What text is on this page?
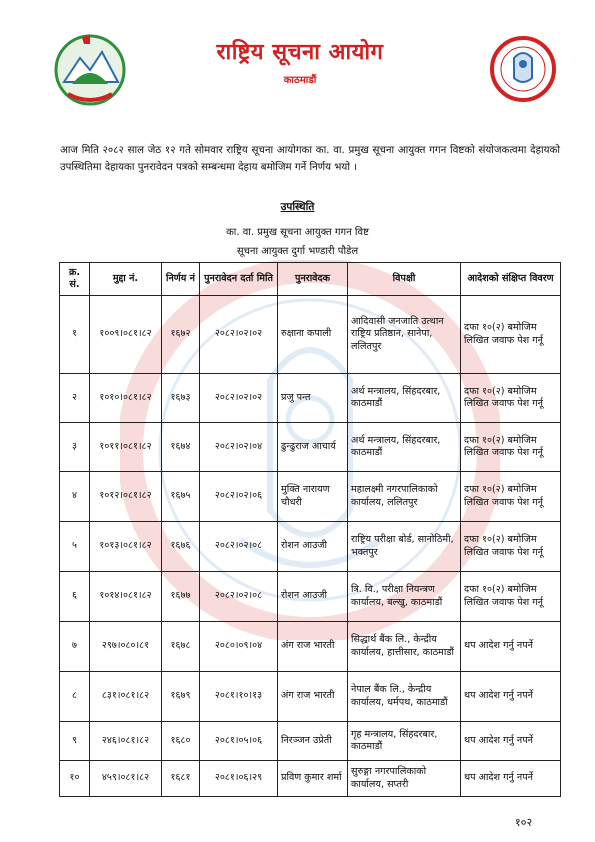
राष्ट्रिय सूचना आयोग
काठमाडौं
आज मिति २०८२ साल जेठ १२ गते सोमवार राष्ट्रिय सूचना आयोगका का. वा. प्रमुख सूचना आयुक्त गगन विष्टको संयोजकत्वमा देहायको उपस्थितिमा देहायका पुनरावेदन पत्रको सम्बन्धमा देहाय बमोजिम गर्ने निर्णय भयो ।
उपस्थिति
का. वा. प्रमुख सूचना आयुक्त गगन विष्ट
सूचना आयुक्त दुर्गा भण्डारी पौडेल
क्र. सं.	मुद्दा नं.	निर्णय नं	पुनरावेदन दर्ता मिति	पुनरावेदक	विपक्षी	आदेशको संक्षिप्त विवरण
१	१००९।०८१।८२	१६७२	२०८२।०२।०२	रुक्षाना कपाली	आदिवासी जनजाति उत्थान राष्ट्रिय प्रतिष्ठान, सानेपा, ललितपुर	दफा १०(२) बमोजिम लिखित जवाफ पेश गर्नू
२	१०१०।०८१।८२	१६७३	२०८२।०२।०२	प्रजु पन्त	अर्थ मन्त्रालय, सिंहदरबार, काठमाडौं	दफा १०(२) बमोजिम लिखित जवाफ पेश गर्नू
३	१०११।०८१।८२	१६७४	२०८२।०२।०४	ढुन्ढुराज आचार्य	अर्थ मन्त्रालय, सिंहदरबार, काठमाडौं	दफा १०(२) बमोजिम लिखित जवाफ पेश गर्नू
४	१०१२।०८१।८२	१६७५	२०८२।०२।०६	मुक्ति नारायण चौधरी	महालक्ष्मी नगरपालिकाको कार्यालय, ललितपुर	दफा १०(२) बमोजिम लिखित जवाफ पेश गर्नू
५	१०१३।०८१।८२	१६७६	२०८२।०२।०८	रोशन आउजी	राष्ट्रिय परीक्षा बोर्ड, सानोठिमी, भक्तपुर	दफा १०(२) बमोजिम लिखित जवाफ पेश गर्नू
६	१०१४।०८१।८२	१६७७	२०८२।०२।०८	रोशन आउजी	त्रि. वि., परीक्षा नियन्त्रण कार्यालय, बल्खु, काठमाडौं	दफा १०(२) बमोजिम लिखित जवाफ पेश गर्नू
७	२९७।०८०।८१	१६७८	२०८०।०९।०४	अंग राज भारती	सिद्धार्थ बैंक लि., केन्द्रीय कार्यालय, हात्तीसार, काठमाडौं	थप आदेश गर्नु नपर्ने
८	८३१।०८१।८२	१६७९	२०८१।१०।१३	अंग राज भारती	नेपाल बैंक लि., केन्द्रीय कार्यालय, धर्मपथ, काठमाडौं	थप आदेश गर्नु नपर्ने
९	२४६।०८१।८२	१६८०	२०८१।०५।०६	निरञ्जन उप्रेती	गृह मन्त्रालय, सिंहदरबार, काठमाडौं	थप आदेश गर्नु नपर्ने
१०	४५९।०८१।८२	१६८१	२०८१।०६।२९	प्रविण कुमार शर्मा	सुरुङ्गा नगरपालिकाको कार्यालय, सप्तरी	थप आदेश गर्नु नपर्ने
१०२
